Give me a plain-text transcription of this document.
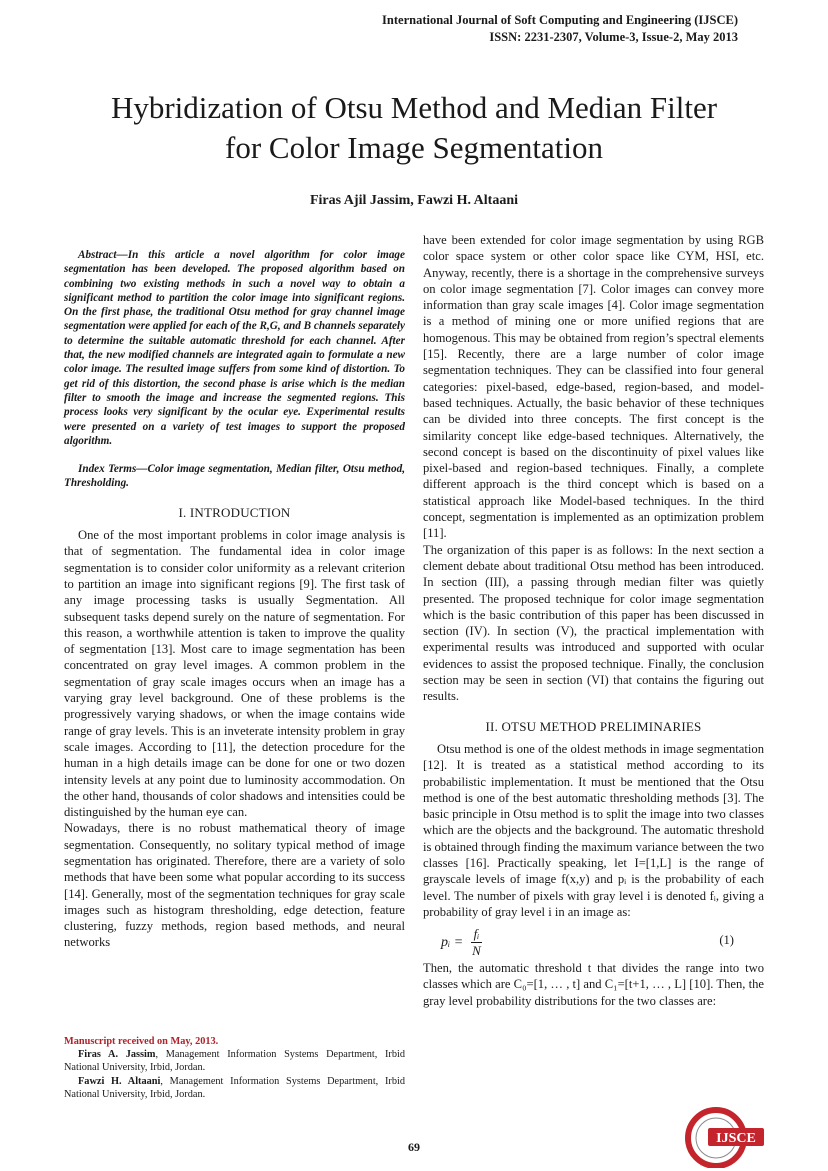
International Journal of Soft Computing and Engineering (IJSCE)
ISSN: 2231-2307, Volume-3, Issue-2, May 2013
Hybridization of Otsu Method and Median Filter
for Color Image Segmentation
Firas Ajil Jassim, Fawzi H. Altaani

Abstract—In this article a novel algorithm for color image segmentation has been developed. The proposed algorithm based on combining two existing methods in such a novel way to obtain a significant method to partition the color image into significant regions. On the first phase, the traditional Otsu method for gray channel image segmentation were applied for each of the R,G, and B channels separately to determine the suitable automatic threshold for each channel. After that, the new modified channels are integrated again to formulate a new color image. The resulted image suffers from some kind of distortion. To get rid of this distortion, the second phase is arise which is the median filter to smooth the image and increase the segmented regions. This process looks very significant by the ocular eye. Experimental results were presented on a variety of test images to support the proposed algorithm.

Index Terms—Color image segmentation, Median filter, Otsu method, Thresholding.

I. INTRODUCTION

One of the most important problems in color image analysis is that of segmentation. The fundamental idea in color image segmentation is to consider color uniformity as a relevant criterion to partition an image into significant regions [9]. The first task of any image processing tasks is usually Segmentation. All subsequent tasks depend surely on the nature of segmentation. For this reason, a worthwhile attention is taken to improve the quality of segmentation [13]. Most care to image segmentation has been concentrated on gray level images. A common problem in the segmentation of gray scale images occurs when an image has a varying gray level background. One of these problems is the progressively varying shadows, or when the image contains wide range of gray levels. This is an inveterate intensity problem in gray scale images. According to [11], the detection procedure for the human in a high details image can be done for one or two dozen intensity levels at any point due to luminosity accommodation. On the other hand, thousands of color shadows and intensities could be distinguished by the human eye can.

Nowadays, there is no robust mathematical theory of image segmentation. Consequently, no solitary typical method of image segmentation has originated. Therefore, there are a variety of solo methods that have been some what popular according to its success [14]. Generally, most of the segmentation techniques for gray scale images such as histogram thresholding, edge detection, feature clustering, fuzzy methods, region based methods, and neural networks

Manuscript received on May, 2013.

Firas A. Jassim, Management Information Systems Department, Irbid National University, Irbid, Jordan.

Fawzi H. Altaani, Management Information Systems Department, Irbid National University, Irbid, Jordan.

have been extended for color image segmentation by using RGB color space system or other color space like CYM, HSI, etc. Anyway, recently, there is a shortage in the comprehensive surveys on color image segmentation [7]. Color images can convey more information than gray scale images [4]. Color image segmentation is a method of mining one or more unified regions that are homogenous. This may be obtained from region’s spectral elements [15]. Recently, there are a large number of color image segmentation techniques. They can be classified into four general categories: pixel-based, edge-based, region-based, and model-based techniques. Actually, the basic behavior of these techniques can be divided into three concepts. The first concept is the similarity concept like edge-based techniques. Alternatively, the second concept is based on the discontinuity of pixel values like pixel-based and region-based techniques. Finally, a complete different approach is the third concept which is based on a statistical approach like Model-based techniques. In the third concept, segmentation is implemented as an optimization problem [11].

The organization of this paper is as follows: In the next section a clement debate about traditional Otsu method has been introduced. In section (III), a passing through median filter was quietly presented. The proposed technique for color image segmentation which is the basic contribution of this paper has been discussed in section (IV). In section (V), the practical implementation with experimental results was introduced and supported with ocular evidences to assist the proposed technique. Finally, the conclusion section may be seen in section (VI) that contains the figuring out results.

II. OTSU METHOD PRELIMINARIES

Otsu method is one of the oldest methods in image segmentation [12]. It is treated as a statistical method according to its probabilistic implementation. It must be mentioned that the Otsu method is one of the best automatic thresholding methods [3]. The basic principle in Otsu method is to split the image into two classes which are the objects and the background. The automatic threshold is obtained through finding the maximum variance between the two classes [16]. Practically speaking, let I=[1,L] is the range of grayscale levels of image f(x,y) and pᵢ is the probability of each level. The number of pixels with gray level i is denoted fᵢ, giving a probability of gray level i in an image as:

pᵢ = $\frac{\text{fᵢ}}{N}$	(1)

Then, the automatic threshold t that divides the range into two classes which are C₀=[1, … , t] and C₁=[t+1, … , L] [10]. Then, the gray level probability distributions for the two classes are:

69
IJSCE
